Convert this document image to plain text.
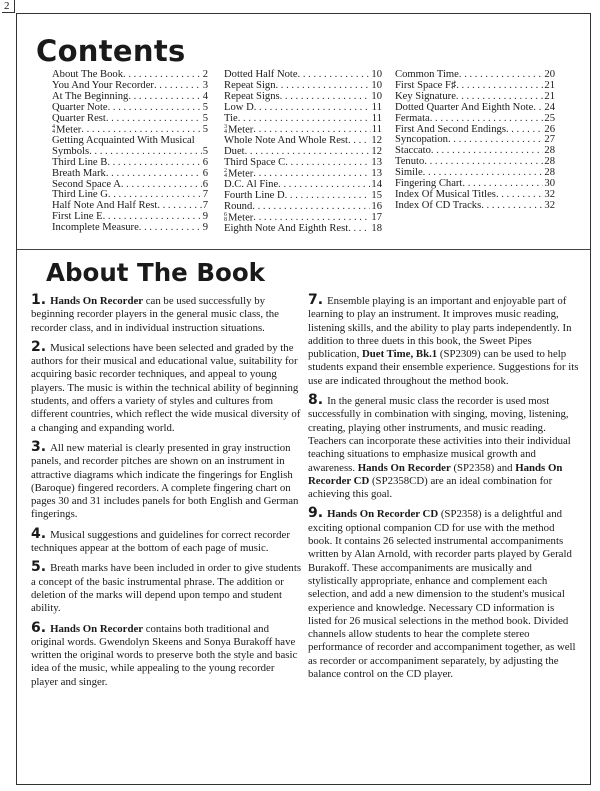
2
Contents
About The Book . . .	2
You And Your Recorder . . .	3
At The Beginning . . .	4
Quarter Note . . .	5
Quarter Rest . . .	5
4
4 Meter . . .	5
Getting Acquainted With Musical
Symbols . . .	5
Third Line B . . .	6
Breath Mark . . .	6
Second Space A . . .	6
Third Line G . . .	7
Half Note And Half Rest . . .	7
First Line E . . .	9
Incomplete Measure . . .	9
Dotted Half Note . . .	10
Repeat Sign . . .	10
Repeat Signs . . .	10
Low D . . .	11
Tie . . .	11
3
4 Meter . . .	11
Whole Note And Whole Rest . . . 12
Duet . . .	12
Third Space C . . .	13
2
4 Meter . . .	13
D.C. Al Fine . . .	14
Fourth Line D . . .	15
Round . . .	16
6
8 Meter . . .	17
Eighth Note And Eighth Rest . . . 18
Common Time . . .	20
First Space F♯ . . .	21
Key Signature . . .	21
Dotted Quarter And Eighth Note . . . 24
Fermata . . .	25
First And Second Endings . . .	26
Syncopation . . .	27
Staccato . . .	28
Tenuto . . .	28
Simile . . .	28
Fingering Chart . . .	30
Index Of Musical Titles . . .	32
Index Of CD Tracks . . .	32
About The Book

1. Hands On Recorder can be used successfully by beginning recorder players in the general music class, the recorder class, and in individual instruction situations.

2. Musical selections have been selected and graded by the authors for their musical and educational value, suitability for acquiring basic recorder techniques, and appeal to young players. The music is within the technical ability of beginning students, and offers a variety of styles and cultures from different countries, which reflect the wide musical diversity of a changing and expanding world.

3. All new material is clearly presented in gray instruction panels, and recorder pitches are shown on an instrument in attractive diagrams which indicate the fingerings for English (Baroque) fingered recorders. A complete fingering chart on pages 30 and 31 includes panels for both English and German fingerings.

4. Musical suggestions and guidelines for correct recorder techniques appear at the bottom of each page of music.

5. Breath marks have been included in order to give students a concept of the basic instrumental phrase. The addition or deletion of the marks will depend upon tempo and student ability.

6. Hands On Recorder contains both traditional and original words. Gwendolyn Skeens and Sonya Burakoff have written the original words to preserve both the style and basic idea of the music, while appealing to the young recorder player and singer.

7. Ensemble playing is an important and enjoyable part of learning to play an instrument. It improves music reading, listening skills, and the ability to play parts independently. In addition to three duets in this book, the Sweet Pipes publication, Duet Time, Bk.1 (SP2309) can be used to help students expand their ensemble experience. Suggestions for its use are indicated throughout the method book.

8. In the general music class the recorder is used most successfully in combination with singing, moving, listening, creating, playing other instruments, and music reading. Teachers can incorporate these activities into their individual teaching situations to emphasize musical growth and awareness. Hands On Recorder (SP2358) and Hands On Recorder CD (SP2358CD) are an ideal combination for achieving this goal.

9. Hands On Recorder CD (SP2358) is a delightful and exciting optional companion CD for use with the method book. It contains 26 selected instrumental accompaniments written by Alan Arnold, with recorder parts played by Gerald Burakoff. These accompaniments are musically and stylistically appropriate, enhance and complement each selection, and add a new dimension to the student's musical experience and knowledge. Necessary CD information is listed for 26 musical selections in the method book. Divided channels allow students to hear the complete stereo performance of recorder and accompaniment together, as well as recorder or accompaniment separately, by adjusting the balance control on the CD player.
